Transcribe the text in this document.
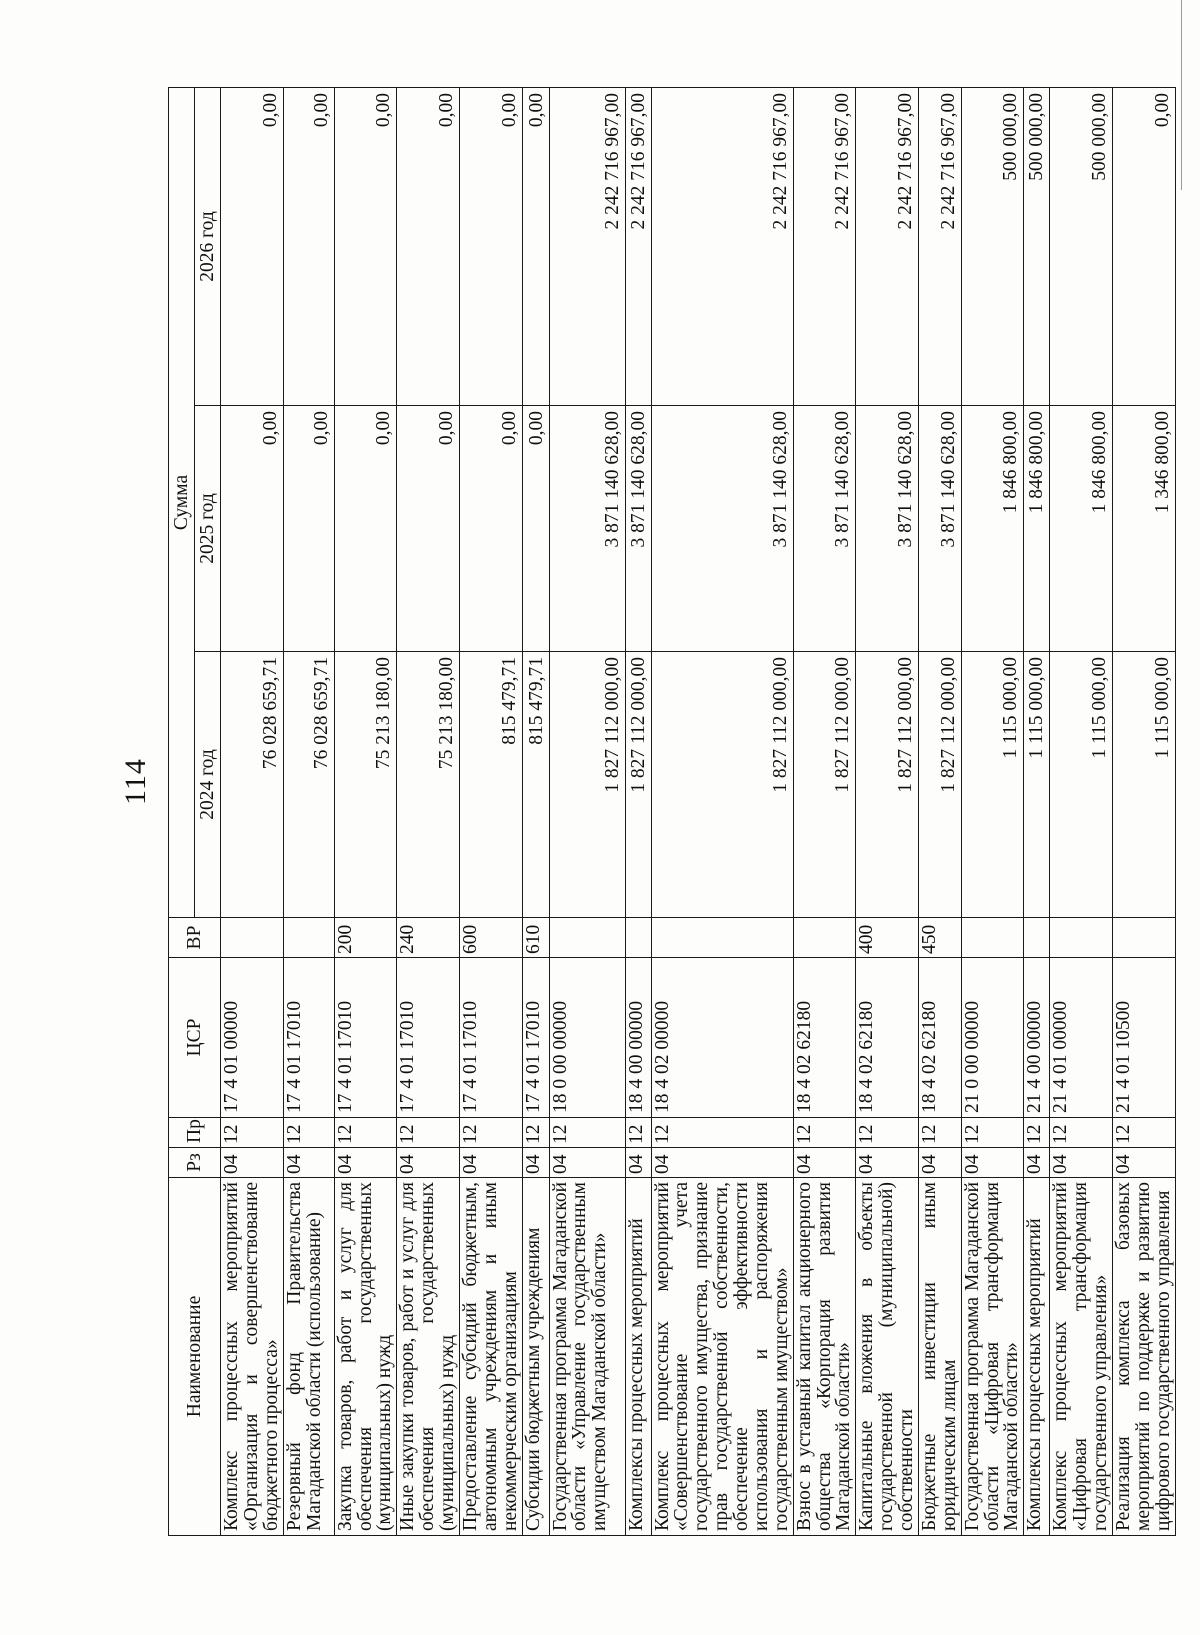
114
Наименование	Рз	Пр	ЦСР	ВР	Сумма		
					2024 год	2025 год	2026 год
Комплекс процессных мероприятий «Организация и совершенствование бюджетного процесса»	04	12	17 4 01 00000		76 028 659,71	0,00	0,00
Резервный фонд Правительства Магаданской области (использование)	04	12	17 4 01 17010		76 028 659,71	0,00	0,00
Закупка товаров, работ и услуг для обеспечения государственных (муниципальных) нужд	04	12	17 4 01 17010	200	75 213 180,00	0,00	0,00
Иные закупки товаров, работ и услуг для обеспечения государственных (муниципальных) нужд	04	12	17 4 01 17010	240	75 213 180,00	0,00	0,00
Предоставление субсидий бюджетным, автономным учреждениям и иным некоммерческим организациям	04	12	17 4 01 17010	600	815 479,71	0,00	0,00
Субсидии бюджетным учреждениям	04	12	17 4 01 17010	610	815 479,71	0,00	0,00
Государственная программа Магаданской области «Управление государственным имуществом Магаданской области»	04	12	18 0 00 00000		1 827 112 000,00	3 871 140 628,00	2 242 716 967,00
Комплексы процессных мероприятий	04	12	18 4 00 00000		1 827 112 000,00	3 871 140 628,00	2 242 716 967,00
Комплекс процессных мероприятий «Совершенствование учета государственного имущества, признание прав государственной собственности, обеспечение эффективности использования и распоряжения государственным имуществом»	04	12	18 4 02 00000		1 827 112 000,00	3 871 140 628,00	2 242 716 967,00
Взнос в уставный капитал акционерного общества «Корпорация развития Магаданской области»	04	12	18 4 02 62180		1 827 112 000,00	3 871 140 628,00	2 242 716 967,00
Капитальные вложения в объекты государственной (муниципальной) собственности	04	12	18 4 02 62180	400	1 827 112 000,00	3 871 140 628,00	2 242 716 967,00
Бюджетные инвестиции иным юридическим лицам	04	12	18 4 02 62180	450	1 827 112 000,00	3 871 140 628,00	2 242 716 967,00
Государственная программа Магаданской области «Цифровая трансформация Магаданской области»	04	12	21 0 00 00000		1 115 000,00	1 846 800,00	500 000,00
Комплексы процессных мероприятий	04	12	21 4 00 00000		1 115 000,00	1 846 800,00	500 000,00
Комплекс процессных мероприятий «Цифровая трансформация государственного управления»	04	12	21 4 01 00000		1 115 000,00	1 846 800,00	500 000,00
Реализация комплекса базовых мероприятий по поддержке и развитию цифрового государственного управления	04	12	21 4 01 10500		1 115 000,00	1 346 800,00	0,00
